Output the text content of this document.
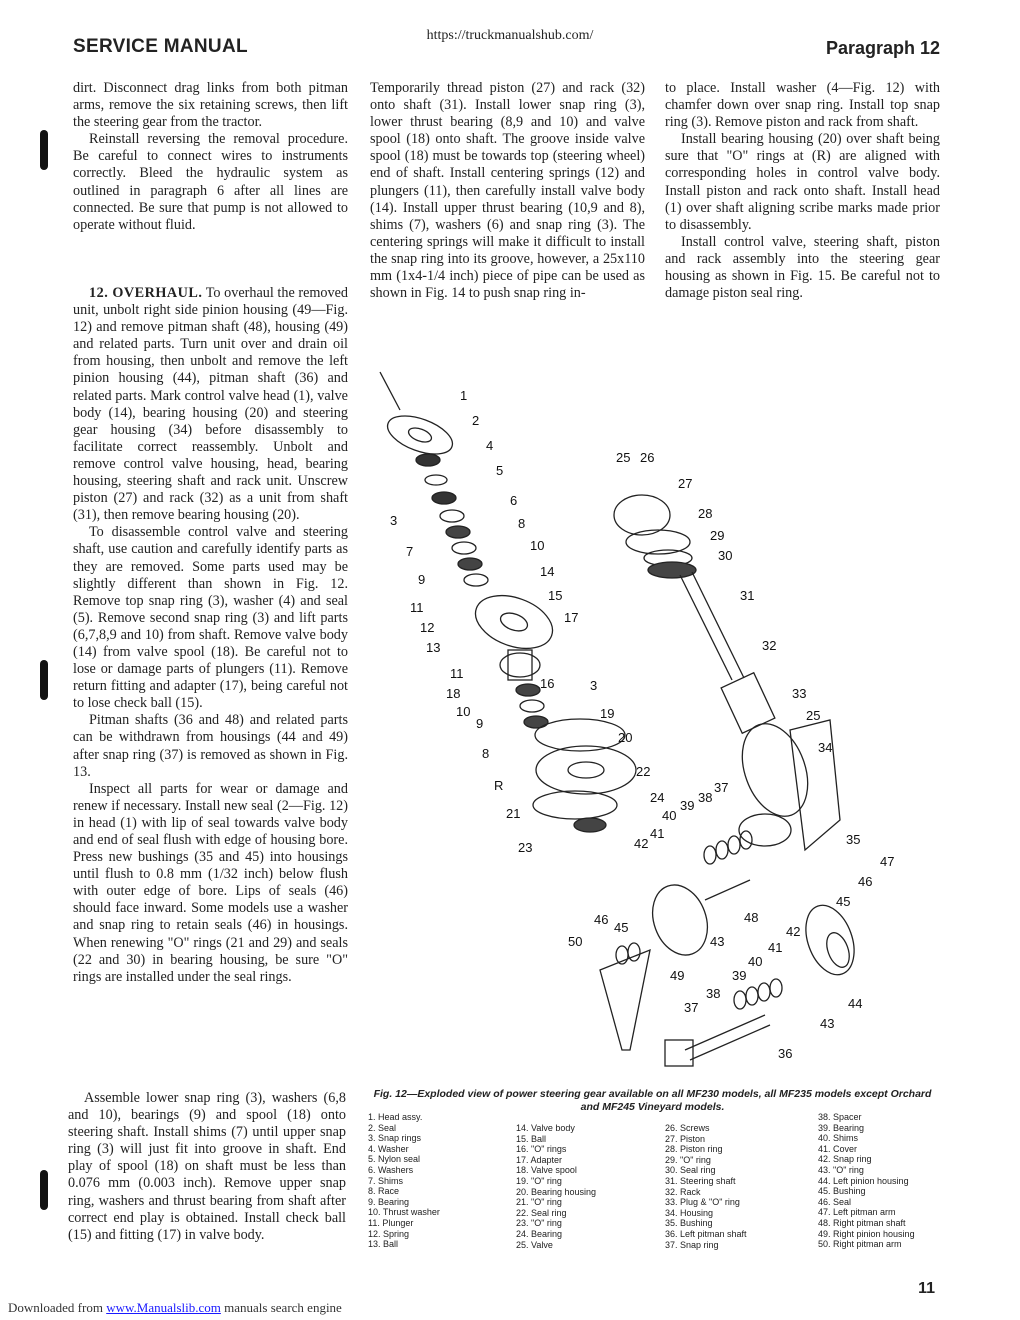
https://truckmanualshub.com/
SERVICE MANUAL	Paragraph 12

dirt. Disconnect drag links from both pitman arms, remove the six retaining screws, then lift the steering gear from the tractor.

Reinstall reversing the removal procedure. Be careful to connect wires to instruments correctly. Bleed the hydraulic system as outlined in paragraph 6 after all lines are connected. Be sure that pump is not allowed to operate without fluid.

12. OVERHAUL. To overhaul the removed unit, unbolt right side pinion housing (49—Fig. 12) and remove pitman shaft (48), housing (49) and related parts. Turn unit over and drain oil from housing, then unbolt and remove the left pinion housing (44), pitman shaft (36) and related parts. Mark control valve head (1), valve body (14), bearing housing (20) and steering gear housing (34) before disassembly to facilitate correct reassembly. Unbolt and remove control valve housing, head, bearing housing, steering shaft and rack unit. Unscrew piston (27) and rack (32) as a unit from shaft (31), then remove bearing housing (20).

To disassemble control valve and steering shaft, use caution and carefully identify parts as they are removed. Some parts used may be slightly different than shown in Fig. 12. Remove top snap ring (3), washer (4) and seal (5). Remove second snap ring (3) and lift parts (6,7,8,9 and 10) from shaft. Remove valve body (14) from valve spool (18). Be careful not to lose or damage parts of plungers (11). Remove return fitting and adapter (17), being careful not to lose check ball (15).

Pitman shafts (36 and 48) and related parts can be withdrawn from housings (44 and 49) after snap ring (37) is removed as shown in Fig. 13.

Inspect all parts for wear or damage and renew if necessary. Install new seal (2—Fig. 12) in head (1) with lip of seal towards valve body and end of seal flush with edge of housing bore. Press new bushings (35 and 45) into housings until flush to 0.8 mm (1/32 inch) below flush with outer edge of bore. Lips of seals (46) should face inward. Some models use a washer and snap ring to retain seals (46) in housings. When renewing "O" rings (21 and 29) and seals (22 and 30) in bearing housing, be sure "O" rings are installed under the seal rings.

Assemble lower snap ring (3), washers (6,8 and 10), bearings (9) and spool (18) onto steering shaft. Install shims (7) until upper snap ring (3) will just fit into groove in shaft. End play of spool (18) on shaft must be less than 0.076 mm (0.003 inch). Remove upper snap ring, washers and thrust bearing from shaft after correct end play is obtained. Install check ball (15) and fitting (17) in valve body.

Temporarily thread piston (27) and rack (32) onto shaft (31). Install lower snap ring (3), lower thrust bearing (8,9 and 10) and valve spool (18) onto shaft. The groove inside valve spool (18) must be towards top (steering wheel) end of shaft. Install centering springs (12) and plungers (11), then carefully install valve body (14). Install upper thrust bearing (10,9 and 8), shims (7), washers (6) and snap ring (3). The centering springs will make it difficult to install the snap ring into its groove, however, a 25x110 mm (1x4-1/4 inch) piece of pipe can be used as shown in Fig. 14 to push snap ring in-

to place. Install washer (4—Fig. 12) with chamfer down over snap ring. Install top snap ring (3). Remove piston and rack from shaft.

Install bearing housing (20) over shaft being sure that "O" rings at (R) are aligned with corresponding holes in control valve body. Install piston and rack onto shaft. Install head (1) over shaft aligning scribe marks made prior to disassembly.

Install control valve, steering shaft, piston and rack assembly into the steering gear housing as shown in Fig. 15. Be careful not to damage piston seal ring.

1
2
3
4
5
6
8
7	10
14
9
15
11
17
12
13
16
11
18
10
9
8
19
20
R
22
21
23
24
25 26
27
28
29
30
31
32
33
25
34
37
38
39
40
41
42	35
47
46
45
48
46
45
50
42
43	41
40
49	39
38
37	44
43
36
3
Fig. 12—Exploded view of power steering gear available on all MF230 models, all MF235 models except Orchard and MF245 Vineyard models.
1. Head assy.
2. Seal
3. Snap rings
4. Washer
5. Nylon seal
6. Washers
7. Shims
8. Race
9. Bearing
10. Thrust washer
11. Plunger
12. Spring
13. Ball
14. Valve body
15. Ball
16. "O" rings
17. Adapter
18. Valve spool
19. "O" ring
20. Bearing housing
21. "O" ring
22. Seal ring
23. "O" ring
24. Bearing
25. Valve
26. Screws
27. Piston
28. Piston ring
29. "O" ring
30. Seal ring
31. Steering shaft
32. Rack
33. Plug & "O" ring
34. Housing
35. Bushing
36. Left pitman shaft
37. Snap ring
38. Spacer
39. Bearing
40. Shims
41. Cover
42. Snap ring
43. "O" ring
44. Left pinion housing
45. Bushing
46. Seal
47. Left pitman arm
48. Right pitman shaft
49. Right pinion housing
50. Right pitman arm
11
Downloaded from www.Manualslib.com manuals search engine
